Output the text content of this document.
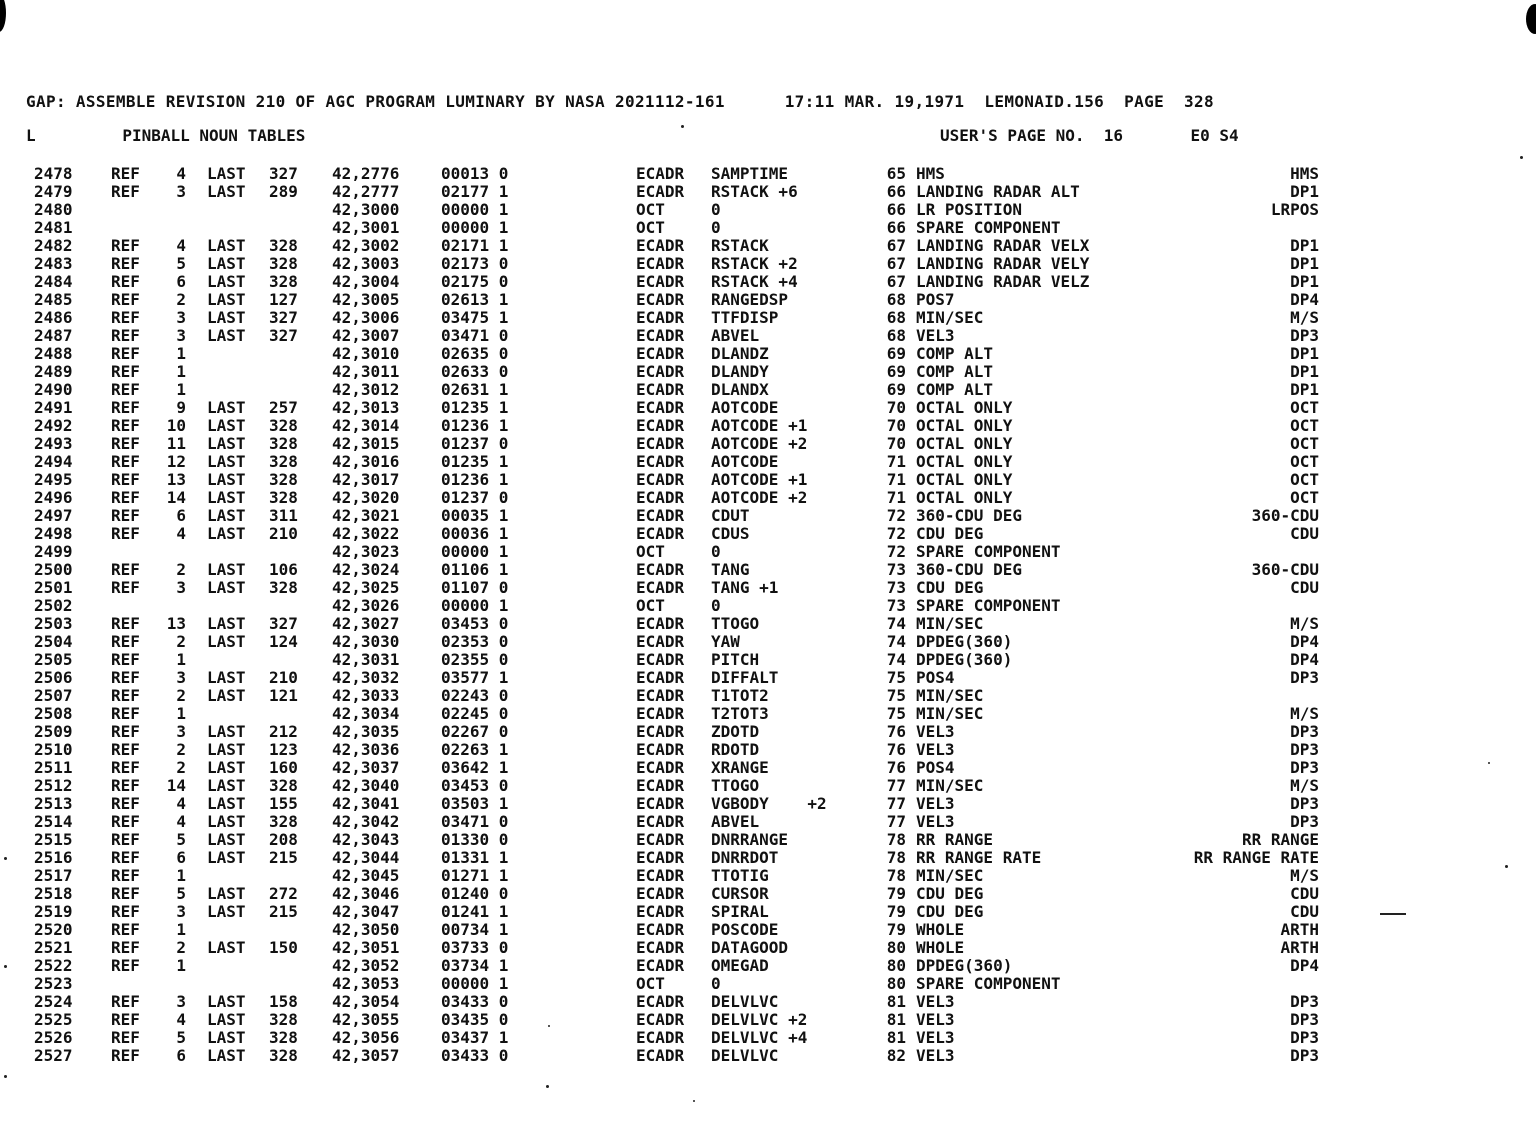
GAP: ASSEMBLE REVISION 210 OF AGC PROGRAM LUMINARY BY NASA 2021112-161	17:11 MAR. 19,1971 LEMONAID.156 PAGE 328
L	PINBALL NOUN TABLES	USER'S PAGE NO. 16	E0 S4
2478 REF	4 LAST 327 42,2776	00013 0	ECADR SAMPTIME	65 HMS	HMS
2479 REF	3 LAST 289 42,2777	02177 1	ECADR RSTACK +6	66 LANDING RADAR ALT	DP1
2480	42,3000	00000 1	OCT	0	66 LR POSITION	LRPOS
2481	42,3001	00000 1	OCT	0	66 SPARE COMPONENT
2482 REF	4 LAST 328 42,3002	02171 1	ECADR RSTACK	67 LANDING RADAR VELX	DP1
2483 REF	5 LAST 328 42,3003	02173 0	ECADR RSTACK +2	67 LANDING RADAR VELY	DP1
2484 REF	6 LAST 328 42,3004	02175 0	ECADR RSTACK +4	67 LANDING RADAR VELZ	DP1
2485 REF	2 LAST 127 42,3005	02613 1	ECADR RANGEDSP	68 POS7	DP4
2486 REF	3 LAST 327 42,3006	03475 1	ECADR TTFDISP	68 MIN/SEC	M/S
2487 REF	3 LAST 327 42,3007	03471 0	ECADR ABVEL	68 VEL3	DP3
2488 REF	1	42,3010	02635 0	ECADR DLANDZ	69 COMP ALT	DP1
2489 REF	1	42,3011	02633 0	ECADR DLANDY	69 COMP ALT	DP1
2490 REF	1	42,3012	02631 1	ECADR DLANDX	69 COMP ALT	DP1
2491 REF	9 LAST 257 42,3013	01235 1	ECADR AOTCODE	70 OCTAL ONLY	OCT
2492 REF	10 LAST 328 42,3014	01236 1	ECADR AOTCODE +1	70 OCTAL ONLY	OCT
2493 REF	11 LAST 328 42,3015	01237 0	ECADR AOTCODE +2	70 OCTAL ONLY	OCT
2494 REF	12 LAST 328 42,3016	01235 1	ECADR AOTCODE	71 OCTAL ONLY	OCT
2495 REF	13 LAST 328 42,3017	01236 1	ECADR AOTCODE +1	71 OCTAL ONLY	OCT
2496 REF	14 LAST 328 42,3020	01237 0	ECADR AOTCODE +2	71 OCTAL ONLY	OCT
2497 REF	6 LAST 311 42,3021	00035 1	ECADR CDUT	72 360-CDU DEG	360-CDU
2498 REF	4 LAST 210 42,3022	00036 1	ECADR CDUS	72 CDU DEG	CDU
2499	42,3023	00000 1	OCT	0	72 SPARE COMPONENT
2500 REF	2 LAST 106 42,3024	01106 1	ECADR TANG	73 360-CDU DEG	360-CDU
2501 REF	3 LAST 328 42,3025	01107 0	ECADR TANG +1	73 CDU DEG	CDU
2502	42,3026	00000 1	OCT	0	73 SPARE COMPONENT
2503 REF	13 LAST 327 42,3027	03453 0	ECADR TTOGO	74 MIN/SEC	M/S
2504 REF	2 LAST 124 42,3030	02353 0	ECADR YAW	74 DPDEG(360)	DP4
2505 REF	1	42,3031	02355 0	ECADR PITCH	74 DPDEG(360)	DP4
2506 REF	3 LAST 210 42,3032	03577 1	ECADR DIFFALT	75 POS4	DP3
2507 REF	2 LAST 121 42,3033	02243 0	ECADR T1TOT2	75 MIN/SEC
2508 REF	1	42,3034	02245 0	ECADR T2TOT3	75 MIN/SEC	M/S
2509 REF	3 LAST 212 42,3035	02267 0	ECADR ZDOTD	76 VEL3	DP3
2510 REF	2 LAST 123 42,3036	02263 1	ECADR RDOTD	76 VEL3	DP3
2511 REF	2 LAST 160 42,3037	03642 1	ECADR XRANGE	76 POS4	DP3
2512 REF	14 LAST 328 42,3040	03453 0	ECADR TTOGO	77 MIN/SEC	M/S
2513 REF	4 LAST 155 42,3041	03503 1	ECADR VGBODY    +2	77 VEL3	DP3
2514 REF	4 LAST 328 42,3042	03471 0	ECADR ABVEL	77 VEL3	DP3
2515 REF	5 LAST 208 42,3043	01330 0	ECADR DNRRANGE	78 RR RANGE	RR RANGE
2516 REF	6 LAST 215 42,3044	01331 1	ECADR DNRRDOT	78 RR RANGE RATE	RR RANGE RATE
2517 REF	1	42,3045	01271 1	ECADR TTOTIG	78 MIN/SEC	M/S
2518 REF	5 LAST 272 42,3046	01240 0	ECADR CURSOR	79 CDU DEG	CDU
2519 REF	3 LAST 215 42,3047	01241 1	ECADR SPIRAL	79 CDU DEG	CDU
2520 REF	1	42,3050	00734 1	ECADR POSCODE	79 WHOLE	ARTH
2521 REF	2 LAST 150 42,3051	03733 0	ECADR DATAGOOD	80 WHOLE	ARTH
2522 REF	1	42,3052	03734 1	ECADR OMEGAD	80 DPDEG(360)	DP4
2523	42,3053	00000 1	OCT	0	80 SPARE COMPONENT
2524 REF	3 LAST 158 42,3054	03433 0	ECADR DELVLVC	81 VEL3	DP3
2525 REF	4 LAST 328 42,3055	03435 0	ECADR DELVLVC +2	81 VEL3	DP3
2526 REF	5 LAST 328 42,3056	03437 1	ECADR DELVLVC +4	81 VEL3	DP3
2527 REF	6 LAST 328 42,3057	03433 0	ECADR DELVLVC	82 VEL3	DP3
